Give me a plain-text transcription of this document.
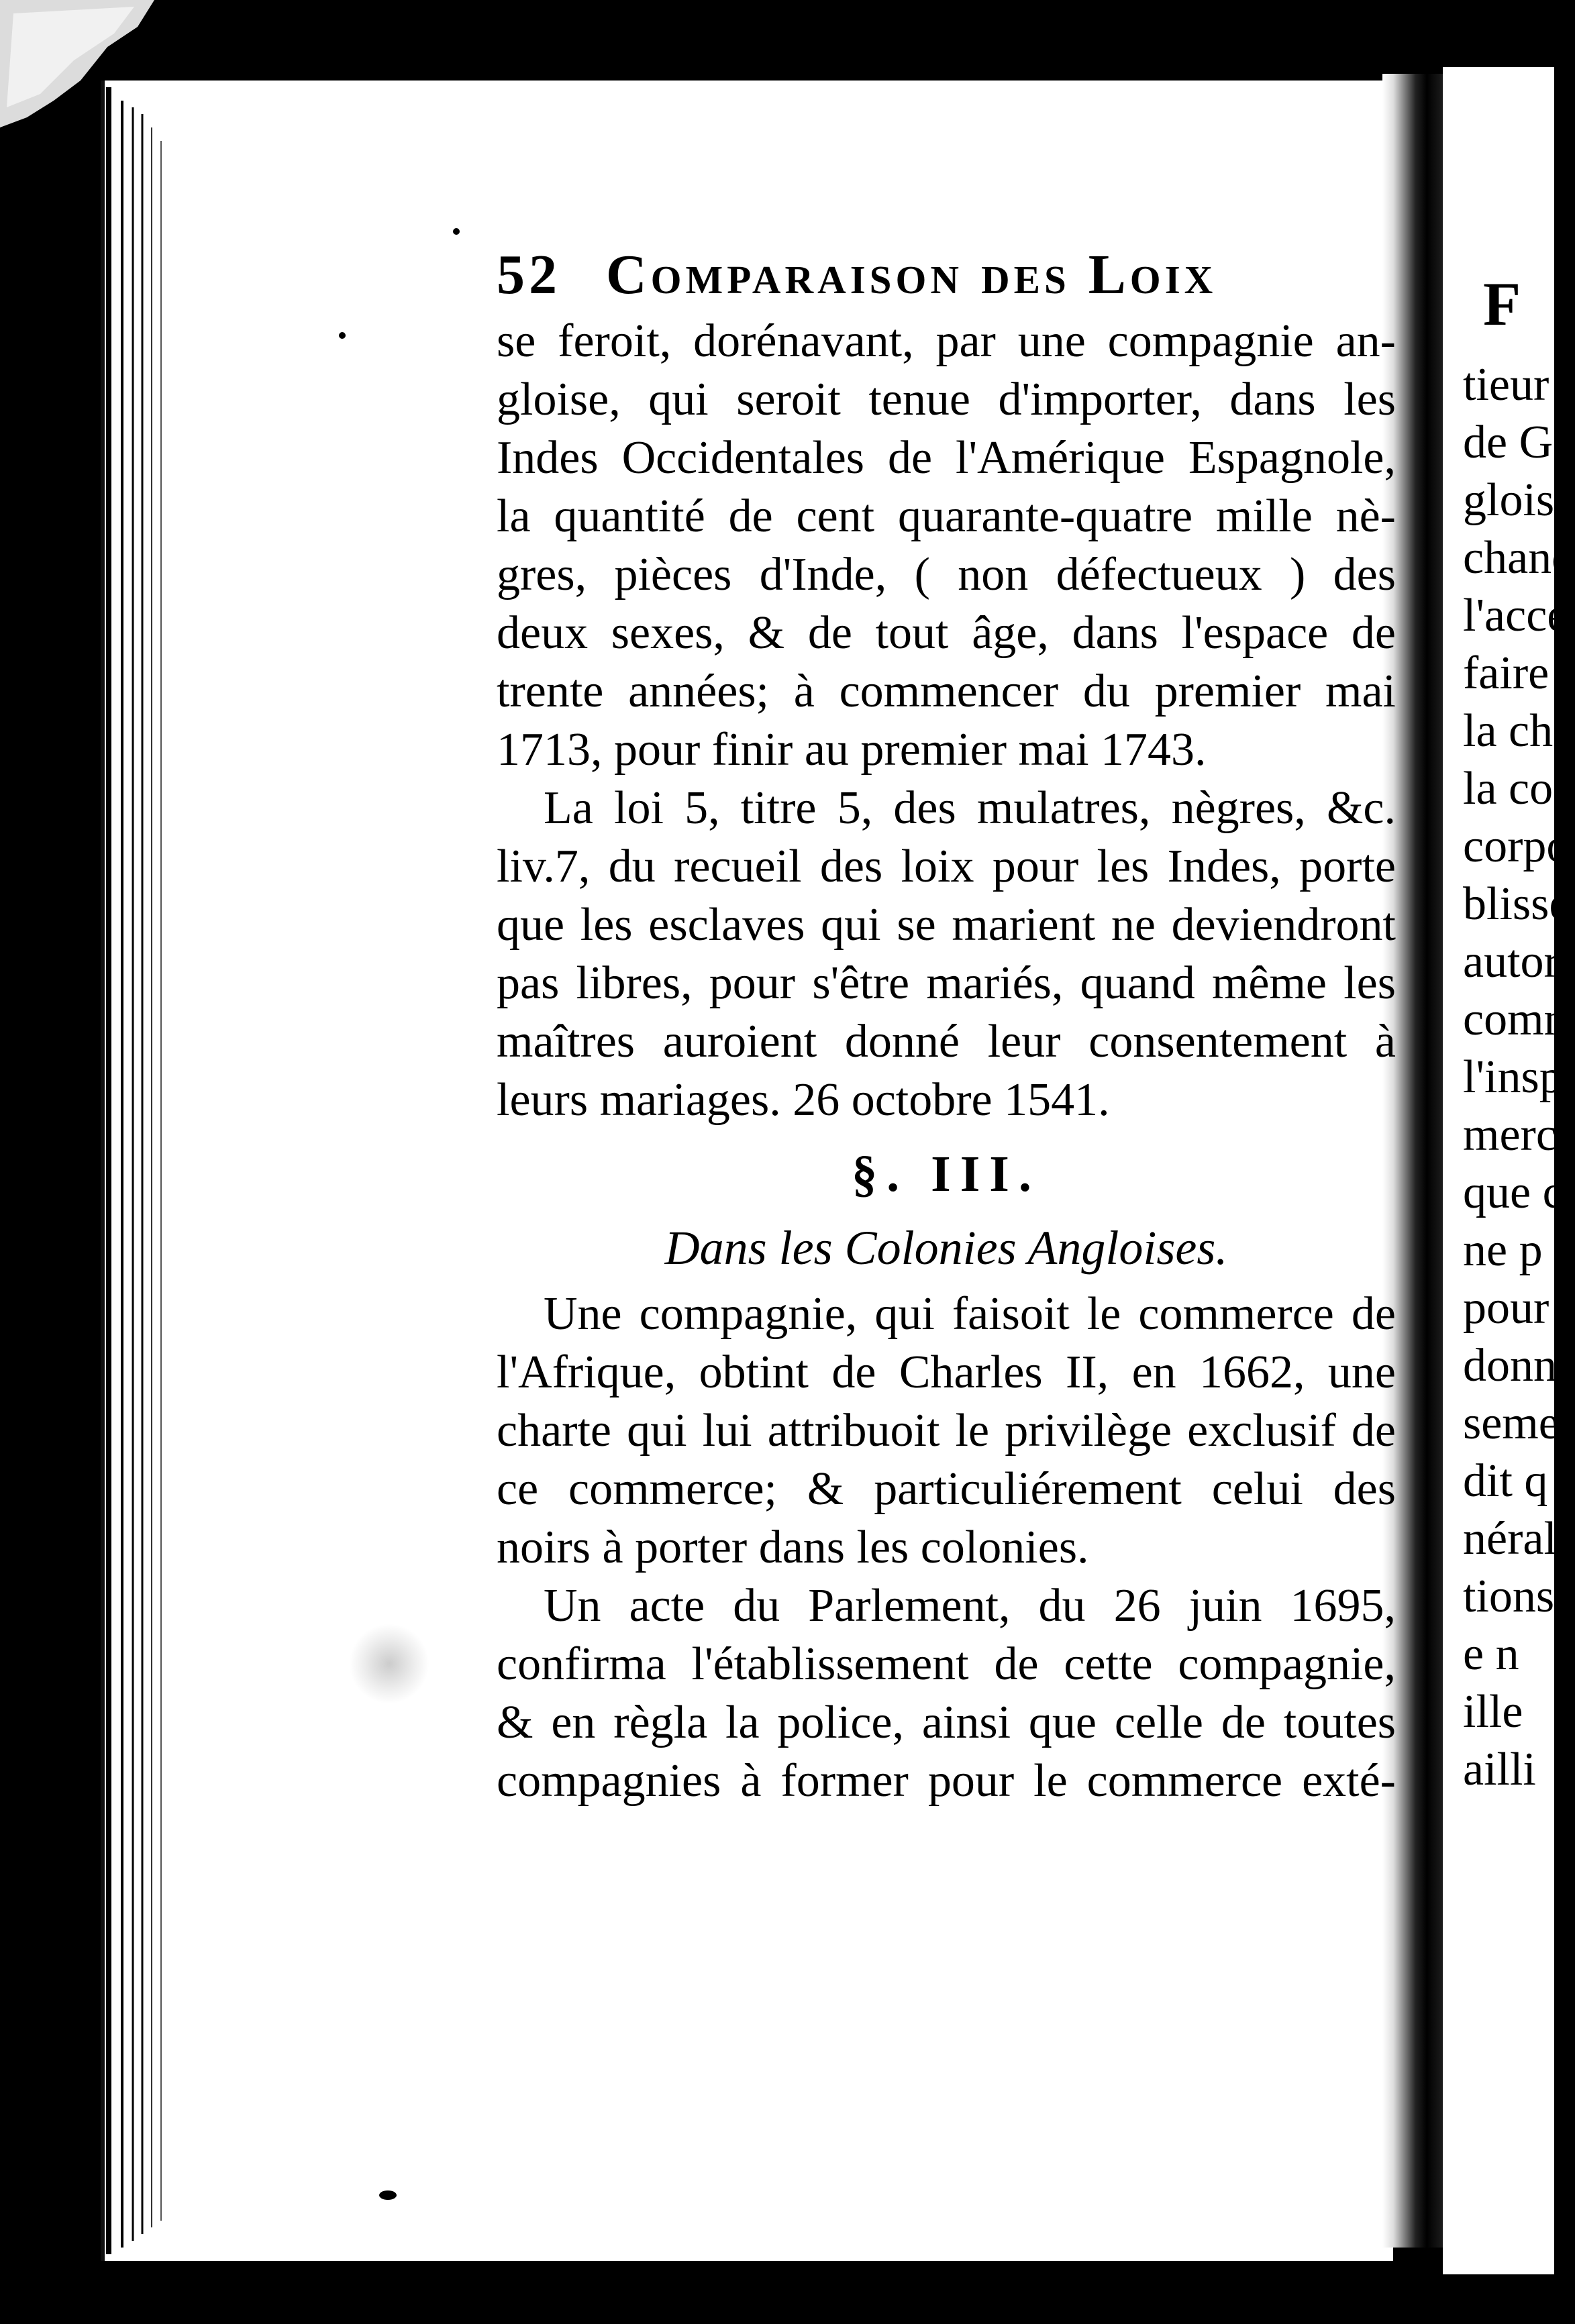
F
tieur
de G
glois
chanc
l'acce
faire
la cha
la co
corpo
blisse
autor
comn
l'insp
merc
que c
ne p
pour
donn
semer
dit q
néral
tions
e n
ille
ailli
52 Comparaison des Loix
se feroit, dorénavant, par une compagnie an-
gloise, qui seroit tenue d'importer, dans les
Indes Occidentales de l'Amérique Espagnole,
la quantité de cent quarante-quatre mille nè-
gres, pièces d'Inde, ( non défectueux ) des
deux sexes, & de tout âge, dans l'espace de
trente années; à commencer du premier mai
1713, pour finir au premier mai 1743.
La loi 5, titre 5, des mulatres, nègres, &c.
liv.7, du recueil des loix pour les Indes, porte
que les esclaves qui se marient ne deviendront
pas libres, pour s'être mariés, quand même les
maîtres auroient donné leur consentement à
leurs mariages. 26 octobre 1541.
§. III.
Dans les Colonies Angloises.
Une compagnie, qui faisoit le commerce de
l'Afrique, obtint de Charles II, en 1662, une
charte qui lui attribuoit le privilège exclusif de
ce commerce; & particuliérement celui des
noirs à porter dans les colonies.
Un acte du Parlement, du 26 juin 1695,
confirma l'établissement de cette compagnie,
& en règla la police, ainsi que celle de toutes
compagnies à former pour le commerce exté-
